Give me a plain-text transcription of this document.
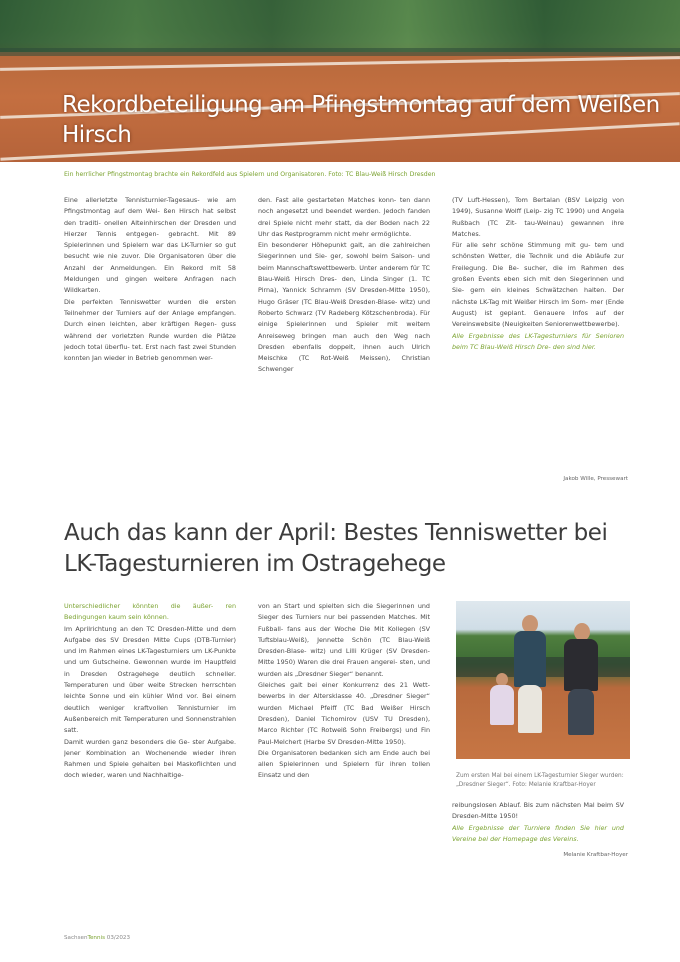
Rekordbeteiligung am Pfingstmontag auf dem Weißen Hirsch
Ein herrlicher Pfingstmontag brachte ein Rekordfeld aus Spielern und Organisatoren. Foto: TC Blau-Weiß Hirsch Dresden

Eine allerletzte Tennisturnier-Tagesaus- wie am Pfingstmontag auf dem Wei- ßen Hirsch hat selbst den traditi- onellen Alteinhirschen der Dresden und Hierzer Tennis entgegen- gebracht. Mit 89 Spielerinnen und Spielern war das LK-Turnier so gut besucht wie nie zuvor. Die Organisatoren über die Anzahl der Anmeldungen. Ein Rekord mit 58 Meldungen und gingen weitere Anfragen nach Wildkarten.

Die perfekten Tenniswetter wurden die ersten Teilnehmer der Turniers auf der Anlage empfangen. Durch einen leichten, aber kräftigen Regen- guss während der vorletzten Runde wurden die Plätze jedoch total überflu- tet. Erst nach fast zwei Stunden konnten Jan wieder in Betrieb genommen wer-

den. Fast alle gestarteten Matches konn- ten dann noch angesetzt und beendet werden. Jedoch fanden drei Spiele nicht mehr statt, da der Boden nach 22 Uhr das Restprogramm nicht mehr ermöglichte.

Ein besonderer Höhepunkt galt, an die zahlreichen Siegerinnen und Sie- ger, sowohl beim Saison- und beim Mannschaftswettbewerb. Unter anderem für TC Blau-Weiß Hirsch Dres- den, Linda Singer (1. TC Pirna), Yannick Schramm (SV Dresden-Mitte 1950), Hugo Gräser (TC Blau-Weiß Dresden-Blase- witz) und Roberto Schwarz (TV Radeberg Kötzschenbroda). Für einige Spielerinnen und Spieler mit weitem Anreiseweg bringen man auch den Weg nach Dresden ebenfalls doppelt, ihnen auch Ulrich Meischke (TC Rot-Weiß Meissen), Christian Schwenger

(TV Luft-Hessen), Tom Bertalan (BSV Leipzig von 1949), Susanne Wolff (Leip- zig TC 1990) und Angela Rußbach (TC Zit- tau-Weinau) gewannen ihre Matches.

Für alle sehr schöne Stimmung mit gu- tem und schönsten Wetter, die Technik und die Abläufe zur Freilegung. Die Be- sucher, die im Rahmen des großen Events eben sich mit den Siegerinnen und Sie- gern ein kleines Schwätzchen halten. Der nächste LK-Tag mit Weißer Hirsch im Som- mer (Ende August) ist geplant. Genauere Infos auf der Vereinswebsite (Neuigkeiten Seniorenwettbewerbe).

Alle Ergebnisse des LK-Tagesturniers für Senioren beim TC Blau-Weiß Hirsch Dre- den sind hier.

Jakob Wille, Pressewart
Auch das kann der April: Bestes Tenniswetter bei LK-Tagesturnieren im Ostragehege

Unterschiedlicher könnten die äußer- ren Bedingungen kaum sein können.

Im Aprilrichtung an den TC Dresden-Mitte und dem Aufgabe des SV Dresden Mitte Cups (DTB-Turnier) und im Rahmen eines LK-Tagesturniers um LK-Punkte und um Gutscheine. Gewonnen wurde im Hauptfeld in Dresden Ostragehege deutlich schneller. Temperaturen und über weite Strecken herrschten leichte Sonne und ein kühler Wind vor. Bei einem deutlich weniger kraftvollen Tennisturnier im Außenbereich mit Temperaturen und Sonnenstrahlen satt.

Damit wurden ganz besonders die Ge- ster Aufgabe. Jener Kombination an Wochenende wieder ihren Rahmen und Spiele gehalten bei Maskoflichten und doch wieder, waren und Nachhaltige-

von an Start und spielten sich die Siegerinnen und Sieger des Turniers nur bei passenden Matches. Mit Fußball- fans aus der Woche Die Mit Kollegen (SV Tuftsblau-Weiß), Jennette Schön (TC Blau-Weiß Dresden-Blase- witz) und Lilli Krüger (SV Dresden-Mitte 1950) Waren die drei Frauen angerei- sten, und wurden als „Dresdner Sieger“ benannt.

Gleiches galt bei einer Konkurrenz des 21 Wett- bewerbs in der Altersklasse 40. „Dresdner Sieger“ wurden Michael Pfeiff (TC Bad Weißer Hirsch Dresden), Daniel Tichomirov (USV TU Dresden), Marco Richter (TC Rotweiß Sohn Freibergs) und Fin Paul-Melchert (Harbe SV Dresden-Mitte 1950).

Die Organisatoren bedanken sich am Ende auch bei allen Spielerinnen und Spielern für ihren tollen Einsatz und den	Zum ersten Mal bei einem LK-Tagesturnier Sieger wurden: „Dresdner Sieger“. Foto: Melanie Kraftbar-Hoyer

reibungslosen Ablauf. Bis zum nächsten Mal beim SV Dresden-Mitte 1950!

Alle Ergebnisse der Turniere finden Sie hier und Vereine bei der Homepage des Vereins.

Melanie Kraftbar-Hoyer
SachsenTennis 03/2023
